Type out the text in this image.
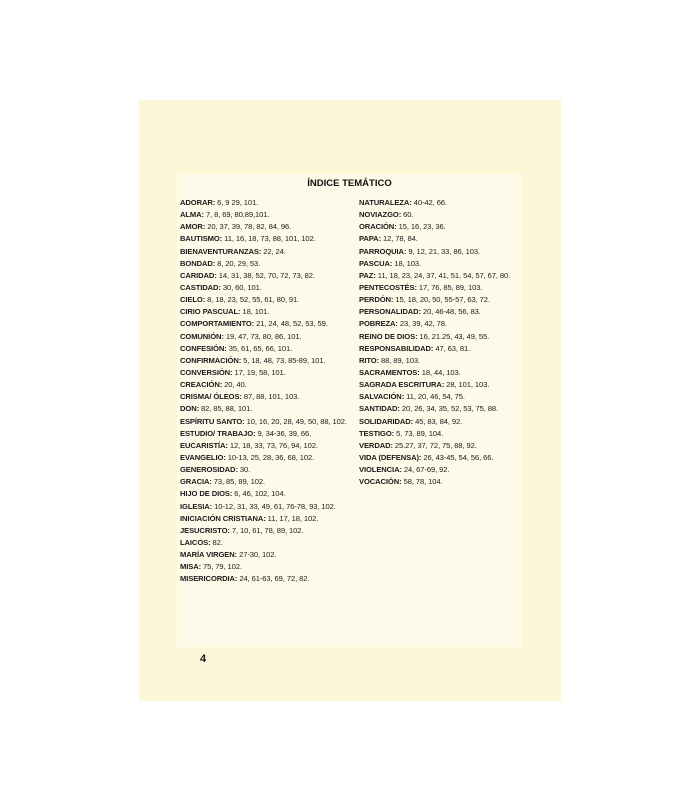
ÍNDICE TEMÁTICO
ADORAR: 6, 9 29, 101.
ALMA: 7, 8, 69, 80,89,101.
AMOR: 20, 37, 39, 78, 82, 84, 96.
BAUTISMO: 11, 16, 18, 73, 88, 101, 102.
BIENAVENTURANZAS: 22, 24.
BONDAD: 8, 20, 29, 53.
CARIDAD: 14, 31, 38, 52, 70, 72, 73, 82.
CASTIDAD: 30, 60, 101.
CIELO: 8, 18, 23, 52, 55, 61, 80, 91.
CIRIO PASCUAL: 18, 101.
COMPORTAMIENTO: 21, 24, 48, 52, 53, 59.
COMUNIÓN: 19, 47, 73, 80, 86, 101.
CONFESIÓN: 35, 61, 65, 66, 101.
CONFIRMACIÓN: 5, 18, 48, 73, 85-89, 101.
CONVERSIÓN: 17, 19, 58, 101.
CREACIÓN: 20, 40.
CRISMA/ ÓLEOS: 87, 88, 101, 103.
DON: 82, 85, 88, 101.
ESPÍRITU SANTO: 10, 16, 20, 28, 49, 50, 88, 102.
ESTUDIO/ TRABAJO: 9, 34-36, 39, 66.
EUCARISTÍA: 12, 18, 33, 73, 76, 94, 102.
EVANGELIO: 10-13, 25, 28, 36, 68, 102.
GENEROSIDAD: 30.
GRACIA: 73, 85, 89, 102.
HIJO DE DIOS: 6, 46, 102, 104.
IGLESIA: 10-12, 31, 33, 49, 61, 76-78, 93, 102.
INICIACIÓN CRISTIANA: 11, 17, 18, 102.
JESUCRISTO: 7, 10, 61, 78, 89, 102.
LAICOS: 82.
MARÍA VIRGEN: 27-30, 102.
MISA: 75, 79, 102.
MISERICORDIA: 24, 61-63, 69, 72, 82.
NATURALEZA: 40-42, 66.
NOVIAZGO: 60.
ORACIÓN: 15, 16, 23, 36.
PAPA: 12, 78, 84.
PARROQUIA: 9, 12, 21, 33, 86, 103.
PASCUA: 18, 103.
PAZ: 11, 18, 23, 24, 37, 41, 51, 54, 57, 67, 80.
PENTECOSTÉS: 17, 76, 85, 89, 103.
PERDÓN: 15, 18, 20, 50, 55-57, 63, 72.
PERSONALIDAD: 20, 46-48, 56, 83.
POBREZA: 23, 39, 42, 78.
REINO DE DIOS: 16, 21.25, 43, 49, 55.
RESPONSABILIDAD: 47, 63, 81.
RITO: 88, 89, 103.
SACRAMENTOS: 18, 44, 103.
SAGRADA ESCRITURA: 28, 101, 103.
SALVACIÓN: 11, 20, 46, 54, 75.
SANTIDAD: 20, 26, 34, 35, 52, 53, 75, 88.
SOLIDARIDAD: 45, 83, 84, 92.
TESTIGO: 5, 73, 89, 104.
VERDAD: 25.27, 37, 72, 75, 88, 92.
VIDA (DEFENSA): 26, 43-45, 54, 56, 66.
VIOLENCIA: 24, 67-69, 92.
VOCACIÓN: 58, 78, 104.
4
